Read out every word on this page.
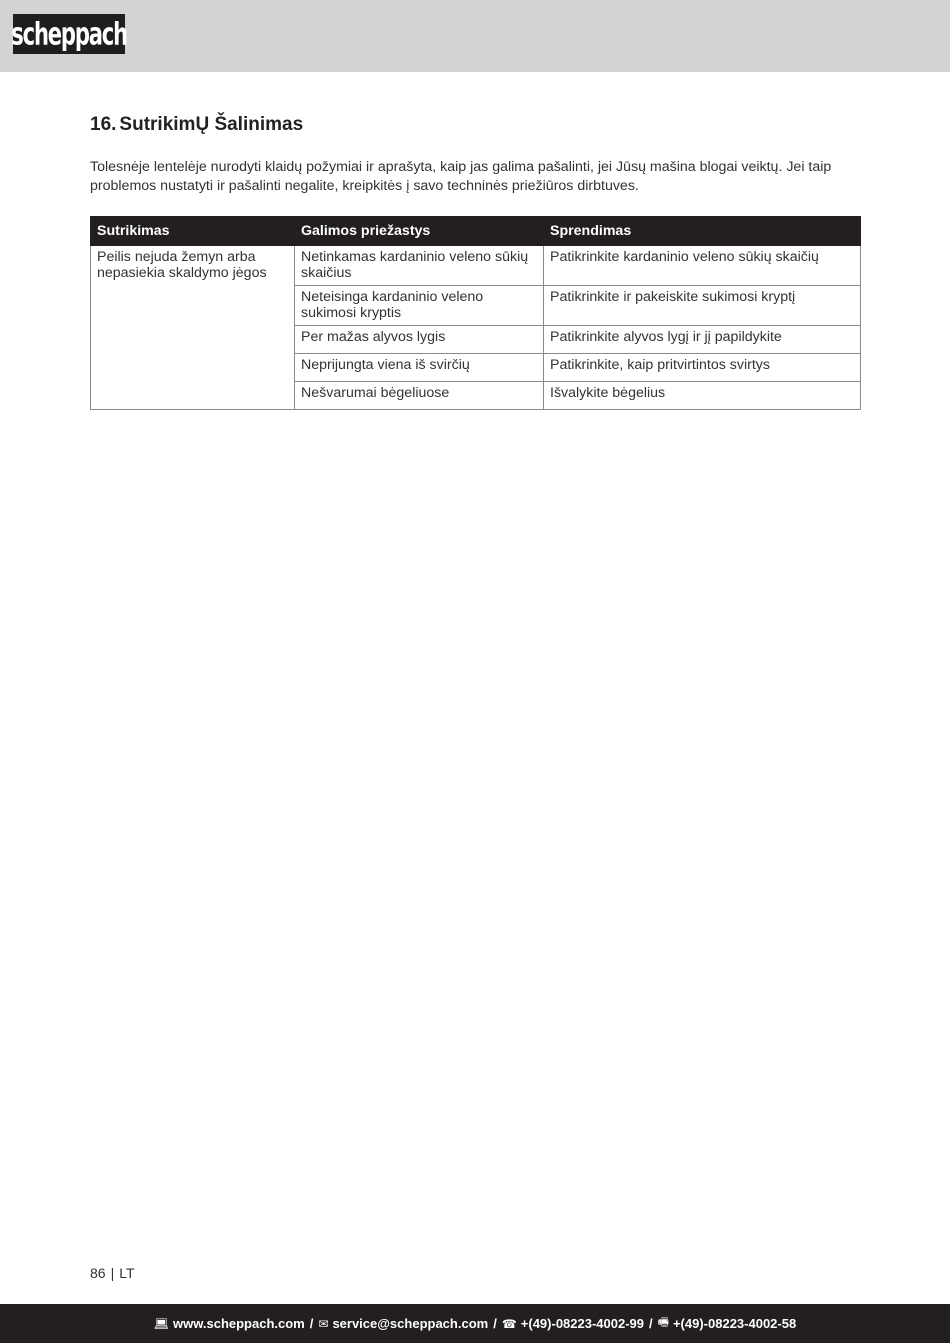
scheppach
16. SutrikimŲ Šalinimas

Tolesnėje lentelėje nurodyti klaidų požymiai ir aprašyta, kaip jas galima pašalinti, jei Jūsų mašina blogai veiktų. Jei taip problemos nustatyti ir pašalinti negalite, kreipkitės į savo techninės priežiūros dirbtuves.

Sutrikimas	Galimos priežastys	Sprendimas
Peilis nejuda žemyn arba nepasiekia skaldymo jėgos	Netinkamas kardaninio veleno sūkių skaičius	Patikrinkite kardaninio veleno sūkių skaičių
	Neteisinga kardaninio veleno sukimosi kryptis	Patikrinkite ir pakeiskite sukimosi kryptį
	Per mažas alyvos lygis	Patikrinkite alyvos lygį ir jį papildykite
	Neprijungta viena iš svirčių	Patikrinkite, kaip pritvirtintos svirtys
	Nešvarumai bėgeliuose	Išvalykite bėgelius
86 | LT
💻︎ www.scheppach.com / ✉︎ service@scheppach.com / ☎︎ +(49)-08223-4002-99 / 🖷︎ +(49)-08223-4002-58
